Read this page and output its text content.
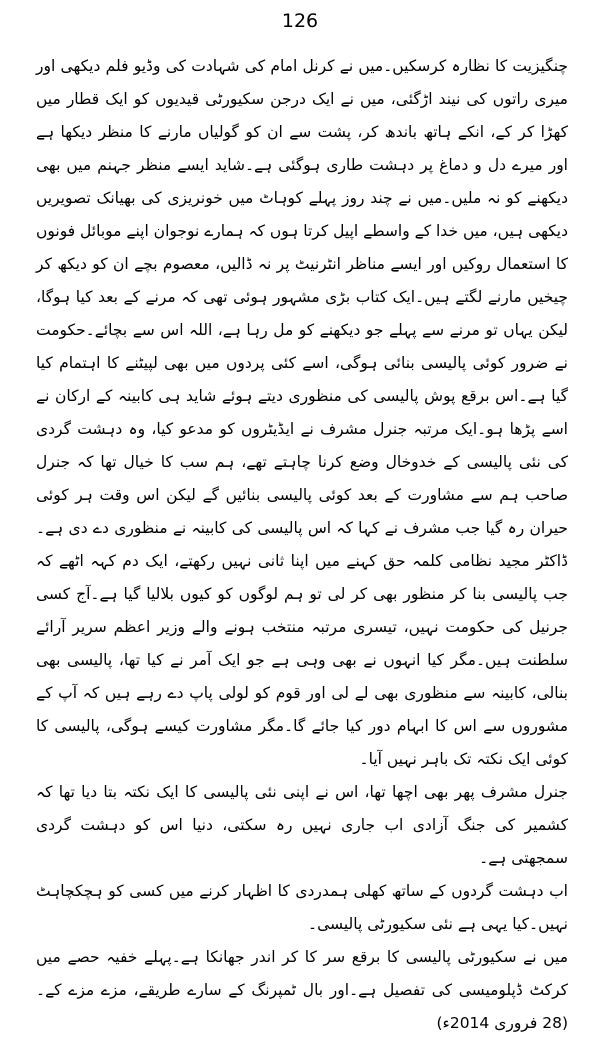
126

چنگیزیت کا نظارہ کرسکیں۔میں نے کرنل امام کی شہادت کی وڈیو فلم دیکھی اور میری راتوں کی نیند اڑگئی، میں نے ایک درجن سکیورٹی قیدیوں کو ایک قطار میں کھڑا کر کے، انکے ہاتھ باندھ کر، پشت سے ان کو گولیاں مارنے کا منظر دیکھا ہے اور میرے دل و دماغ پر دہشت طاری ہوگئی ہے۔شاید ایسے منظر جہنم میں بھی دیکھنے کو نہ ملیں۔میں نے چند روز پہلے کوہاٹ میں خونریزی کی بھیانک تصویریں دیکھی ہیں، میں خدا کے واسطے اپیل کرتا ہوں کہ ہمارے نوجوان اپنے موبائل فونوں کا استعمال روکیں اور ایسے مناظر انٹرنیٹ پر نہ ڈالیں، معصوم بچے ان کو دیکھ کر چیخیں مارنے لگتے ہیں۔ایک کتاب بڑی مشہور ہوئی تھی کہ مرنے کے بعد کیا ہوگا، لیکن یہاں تو مرنے سے پہلے جو دیکھنے کو مل رہا ہے، اللہ اس سے بچائے۔حکومت نے ضرور کوئی پالیسی بنائی ہوگی، اسے کئی پردوں میں بھی لپیٹنے کا اہتمام کیا گیا ہے۔اس برقع پوش پالیسی کی منظوری دیتے ہوئے شاید ہی کابینہ کے ارکان نے اسے پڑھا ہو۔ایک مرتبہ جنرل مشرف نے ایڈیٹروں کو مدعو کیا، وہ دہشت گردی کی نئی پالیسی کے خدوخال وضع کرنا چاہتے تھے، ہم سب کا خیال تھا کہ جنرل صاحب ہم سے مشاورت کے بعد کوئی پالیسی بنائیں گے لیکن اس وقت ہر کوئی حیران رہ گیا جب مشرف نے کہا کہ اس پالیسی کی کابینہ نے منظوری دے دی ہے۔ڈاکٹر مجید نظامی کلمہ حق کہنے میں اپنا ثانی نہیں رکھتے، ایک دم کہہ اٹھے کہ جب پالیسی بنا کر منظور بھی کر لی تو ہم لوگوں کو کیوں بلالیا گیا ہے۔آج کسی جرنیل کی حکومت نہیں، تیسری مرتبہ منتخب ہونے والے وزیر اعظم سریر آرائے سلطنت ہیں۔مگر کیا انہوں نے بھی وہی ہے جو ایک آمر نے کیا تھا، پالیسی بھی بنالی، کابینہ سے منظوری بھی لے لی اور قوم کو لولی پاپ دے رہے ہیں کہ آپ کے مشوروں سے اس کا ابہام دور کیا جائے گا۔مگر مشاورت کیسے ہوگی، پالیسی کا کوئی ایک نکتہ تک باہر نہیں آیا۔

جنرل مشرف پھر بھی اچھا تھا، اس نے اپنی نئی پالیسی کا ایک نکتہ بتا دیا تھا کہ کشمیر کی جنگ آزادی اب جاری نہیں رہ سکتی، دنیا اس کو دہشت گردی سمجھتی ہے۔

اب دہشت گردوں کے ساتھ کھلی ہمدردی کا اظہار کرنے میں کسی کو ہچکچاہٹ نہیں۔کیا یہی ہے نئی سکیورٹی پالیسی۔

میں نے سکیورٹی پالیسی کا برقع سر کا کر اندر جھانکا ہے۔پہلے خفیہ حصے میں کرکٹ ڈپلومیسی کی تفصیل ہے۔اور بال ٹمپرنگ کے سارے طریقے، مزے مزے کے۔(28 فروری 2014ء)
